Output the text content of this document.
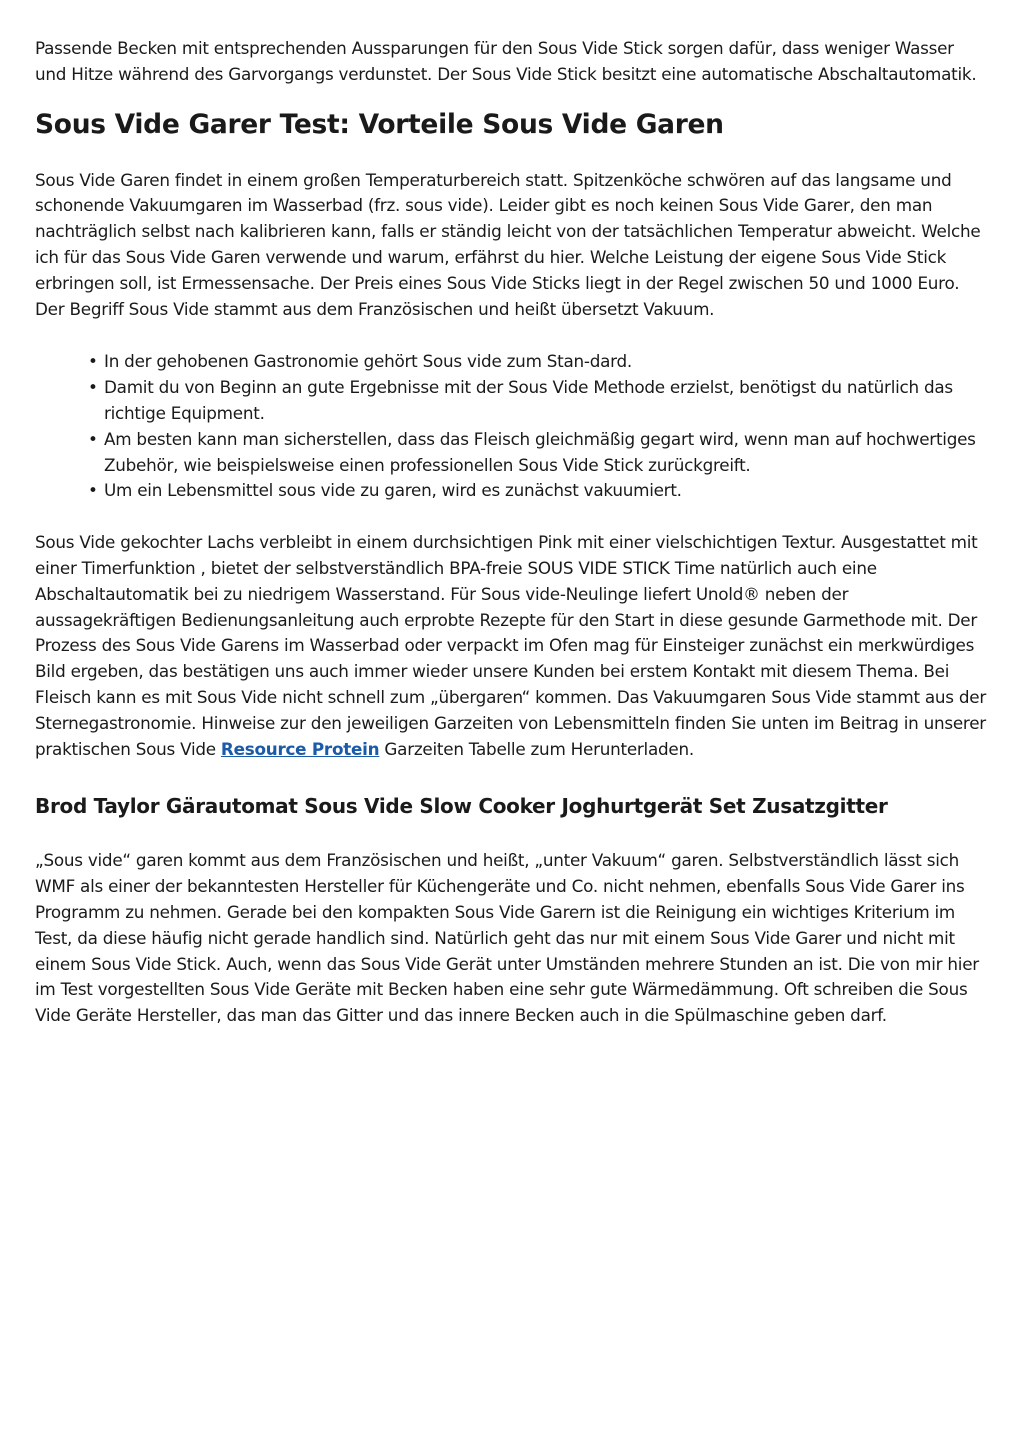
Passende Becken mit entsprechenden Aussparungen für den Sous Vide Stick sorgen dafür, dass weniger Wasser und Hitze während des Garvorgangs verdunstet. Der Sous Vide Stick besitzt eine automatische Abschaltautomatik.

Sous Vide Garer Test: Vorteile Sous Vide Garen

Sous Vide Garen findet in einem großen Temperaturbereich statt. Spitzenköche schwören auf das langsame und schonende Vakuumgaren im Wasserbad (frz. sous vide). Leider gibt es noch keinen Sous Vide Garer, den man nachträglich selbst nach kalibrieren kann, falls er ständig leicht von der tatsächlichen Temperatur abweicht. Welche ich für das Sous Vide Garen verwende und warum, erfährst du hier. Welche Leistung der eigene Sous Vide Stick erbringen soll, ist Ermessensache. Der Preis eines Sous Vide Sticks liegt in der Regel zwischen 50 und 1000 Euro. Der Begriff Sous Vide stammt aus dem Französischen und heißt übersetzt Vakuum.

• In der gehobenen Gastronomie gehört Sous vide zum Stan-dard.
• Damit du von Beginn an gute Ergebnisse mit der Sous Vide Methode erzielst, benötigst du natürlich das richtige Equipment.
• Am besten kann man sicherstellen, dass das Fleisch gleichmäßig gegart wird, wenn man auf hochwertiges Zubehör, wie beispielsweise einen professionellen Sous Vide Stick zurückgreift.
• Um ein Lebensmittel sous vide zu garen, wird es zunächst vakuumiert.

Sous Vide gekochter Lachs verbleibt in einem durchsichtigen Pink mit einer vielschichtigen Textur. Ausgestattet mit einer Timerfunktion , bietet der selbstverständlich BPA-freie SOUS VIDE STICK Time natürlich auch eine Abschaltautomatik bei zu niedrigem Wasserstand. Für Sous vide-Neulinge liefert Unold® neben der aussagekräftigen Bedienungsanleitung auch erprobte Rezepte für den Start in diese gesunde Garmethode mit. Der Prozess des Sous Vide Garens im Wasserbad oder verpackt im Ofen mag für Einsteiger zunächst ein merkwürdiges Bild ergeben, das bestätigen uns auch immer wieder unsere Kunden bei erstem Kontakt mit diesem Thema. Bei Fleisch kann es mit Sous Vide nicht schnell zum „übergaren“ kommen. Das Vakuumgaren Sous Vide stammt aus der Sternegastronomie. Hinweise zur den jeweiligen Garzeiten von Lebensmitteln finden Sie unten im Beitrag in unserer praktischen Sous Vide Resource Protein Garzeiten Tabelle zum Herunterladen.

Brod Taylor Gärautomat Sous Vide Slow Cooker Joghurtgerät Set Zusatzgitter

„Sous vide“ garen kommt aus dem Französischen und heißt, „unter Vakuum“ garen. Selbstverständlich lässt sich WMF als einer der bekanntesten Hersteller für Küchengeräte und Co. nicht nehmen, ebenfalls Sous Vide Garer ins Programm zu nehmen. Gerade bei den kompakten Sous Vide Garern ist die Reinigung ein wichtiges Kriterium im Test, da diese häufig nicht gerade handlich sind. Natürlich geht das nur mit einem Sous Vide Garer und nicht mit einem Sous Vide Stick. Auch, wenn das Sous Vide Gerät unter Umständen mehrere Stunden an ist. Die von mir hier im Test vorgestellten Sous Vide Geräte mit Becken haben eine sehr gute Wärmedämmung. Oft schreiben die Sous Vide Geräte Hersteller, das man das Gitter und das innere Becken auch in die Spülmaschine geben darf.
